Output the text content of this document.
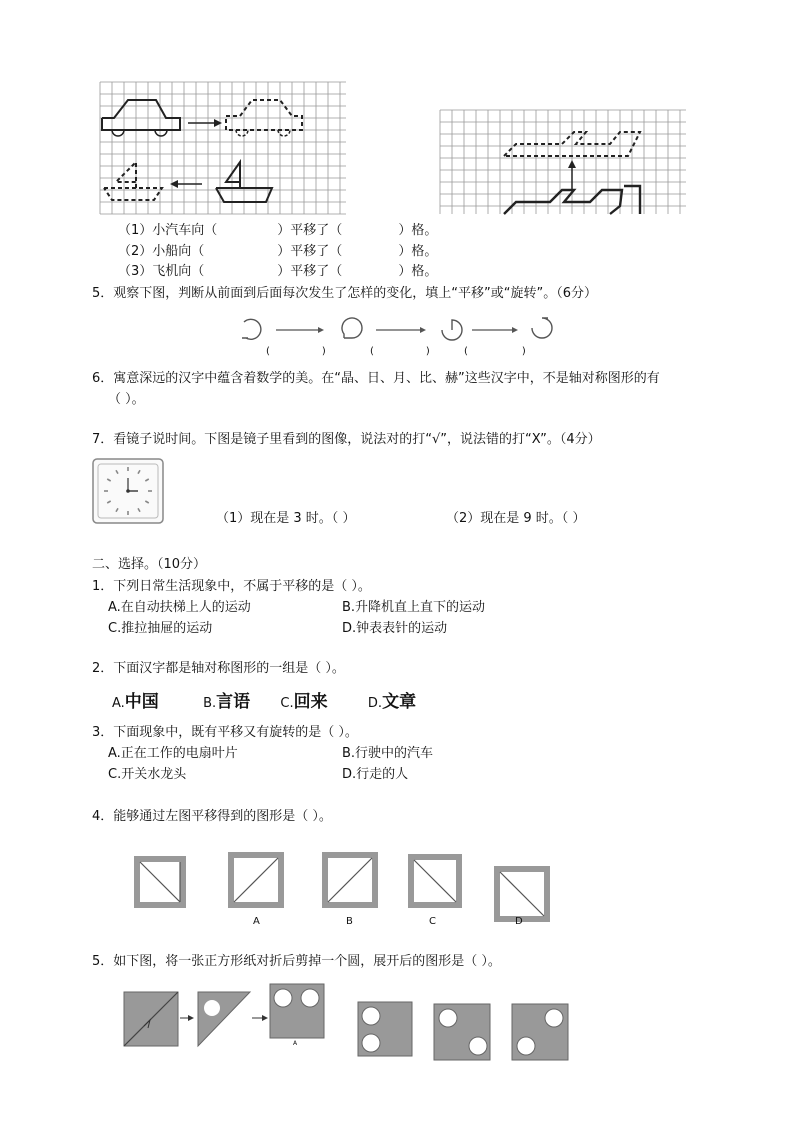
（1）小汽车向（	）平移了（	）格。
（2）小船向（	）平移了（	）格。
（3）飞机向（	）平移了（	）格。
5．观察下图，判断从前面到后面每次发生了怎样的变化，填上“平移”或“旋转”。（6分）
(	)	(	)	(	)
6．寓意深远的汉字中蕴含着数学的美。在“晶、日、月、比、赫”这些汉字中，不是轴对称图形的有
（ ）。
7．看镜子说时间。下图是镜子里看到的图像，说法对的打“√”，说法错的打“X”。（4分）
（1）现在是 3 时。（ ）	（2）现在是 9 时。（ ）
二、选择。（10分）
1．下列日常生活现象中，不属于平移的是（ ）。
A.在自动扶梯上人的运动	B.升降机直上直下的运动
C.推拉抽屉的运动	D.钟表表针的运动
2．下面汉字都是轴对称图形的一组是（ ）。
A.中国	B.言语 C.回来	D.文章
3．下面现象中，既有平移又有旋转的是（ ）。
A.正在工作的电扇叶片	B.行驶中的汽车
C.开关水龙头	D.行走的人
4．能够通过左图平移得到的图形是（ ）。
A	B	C	D
5．如下图，将一张正方形纸对折后剪掉一个圆，展开后的图形是（ ）。
A
